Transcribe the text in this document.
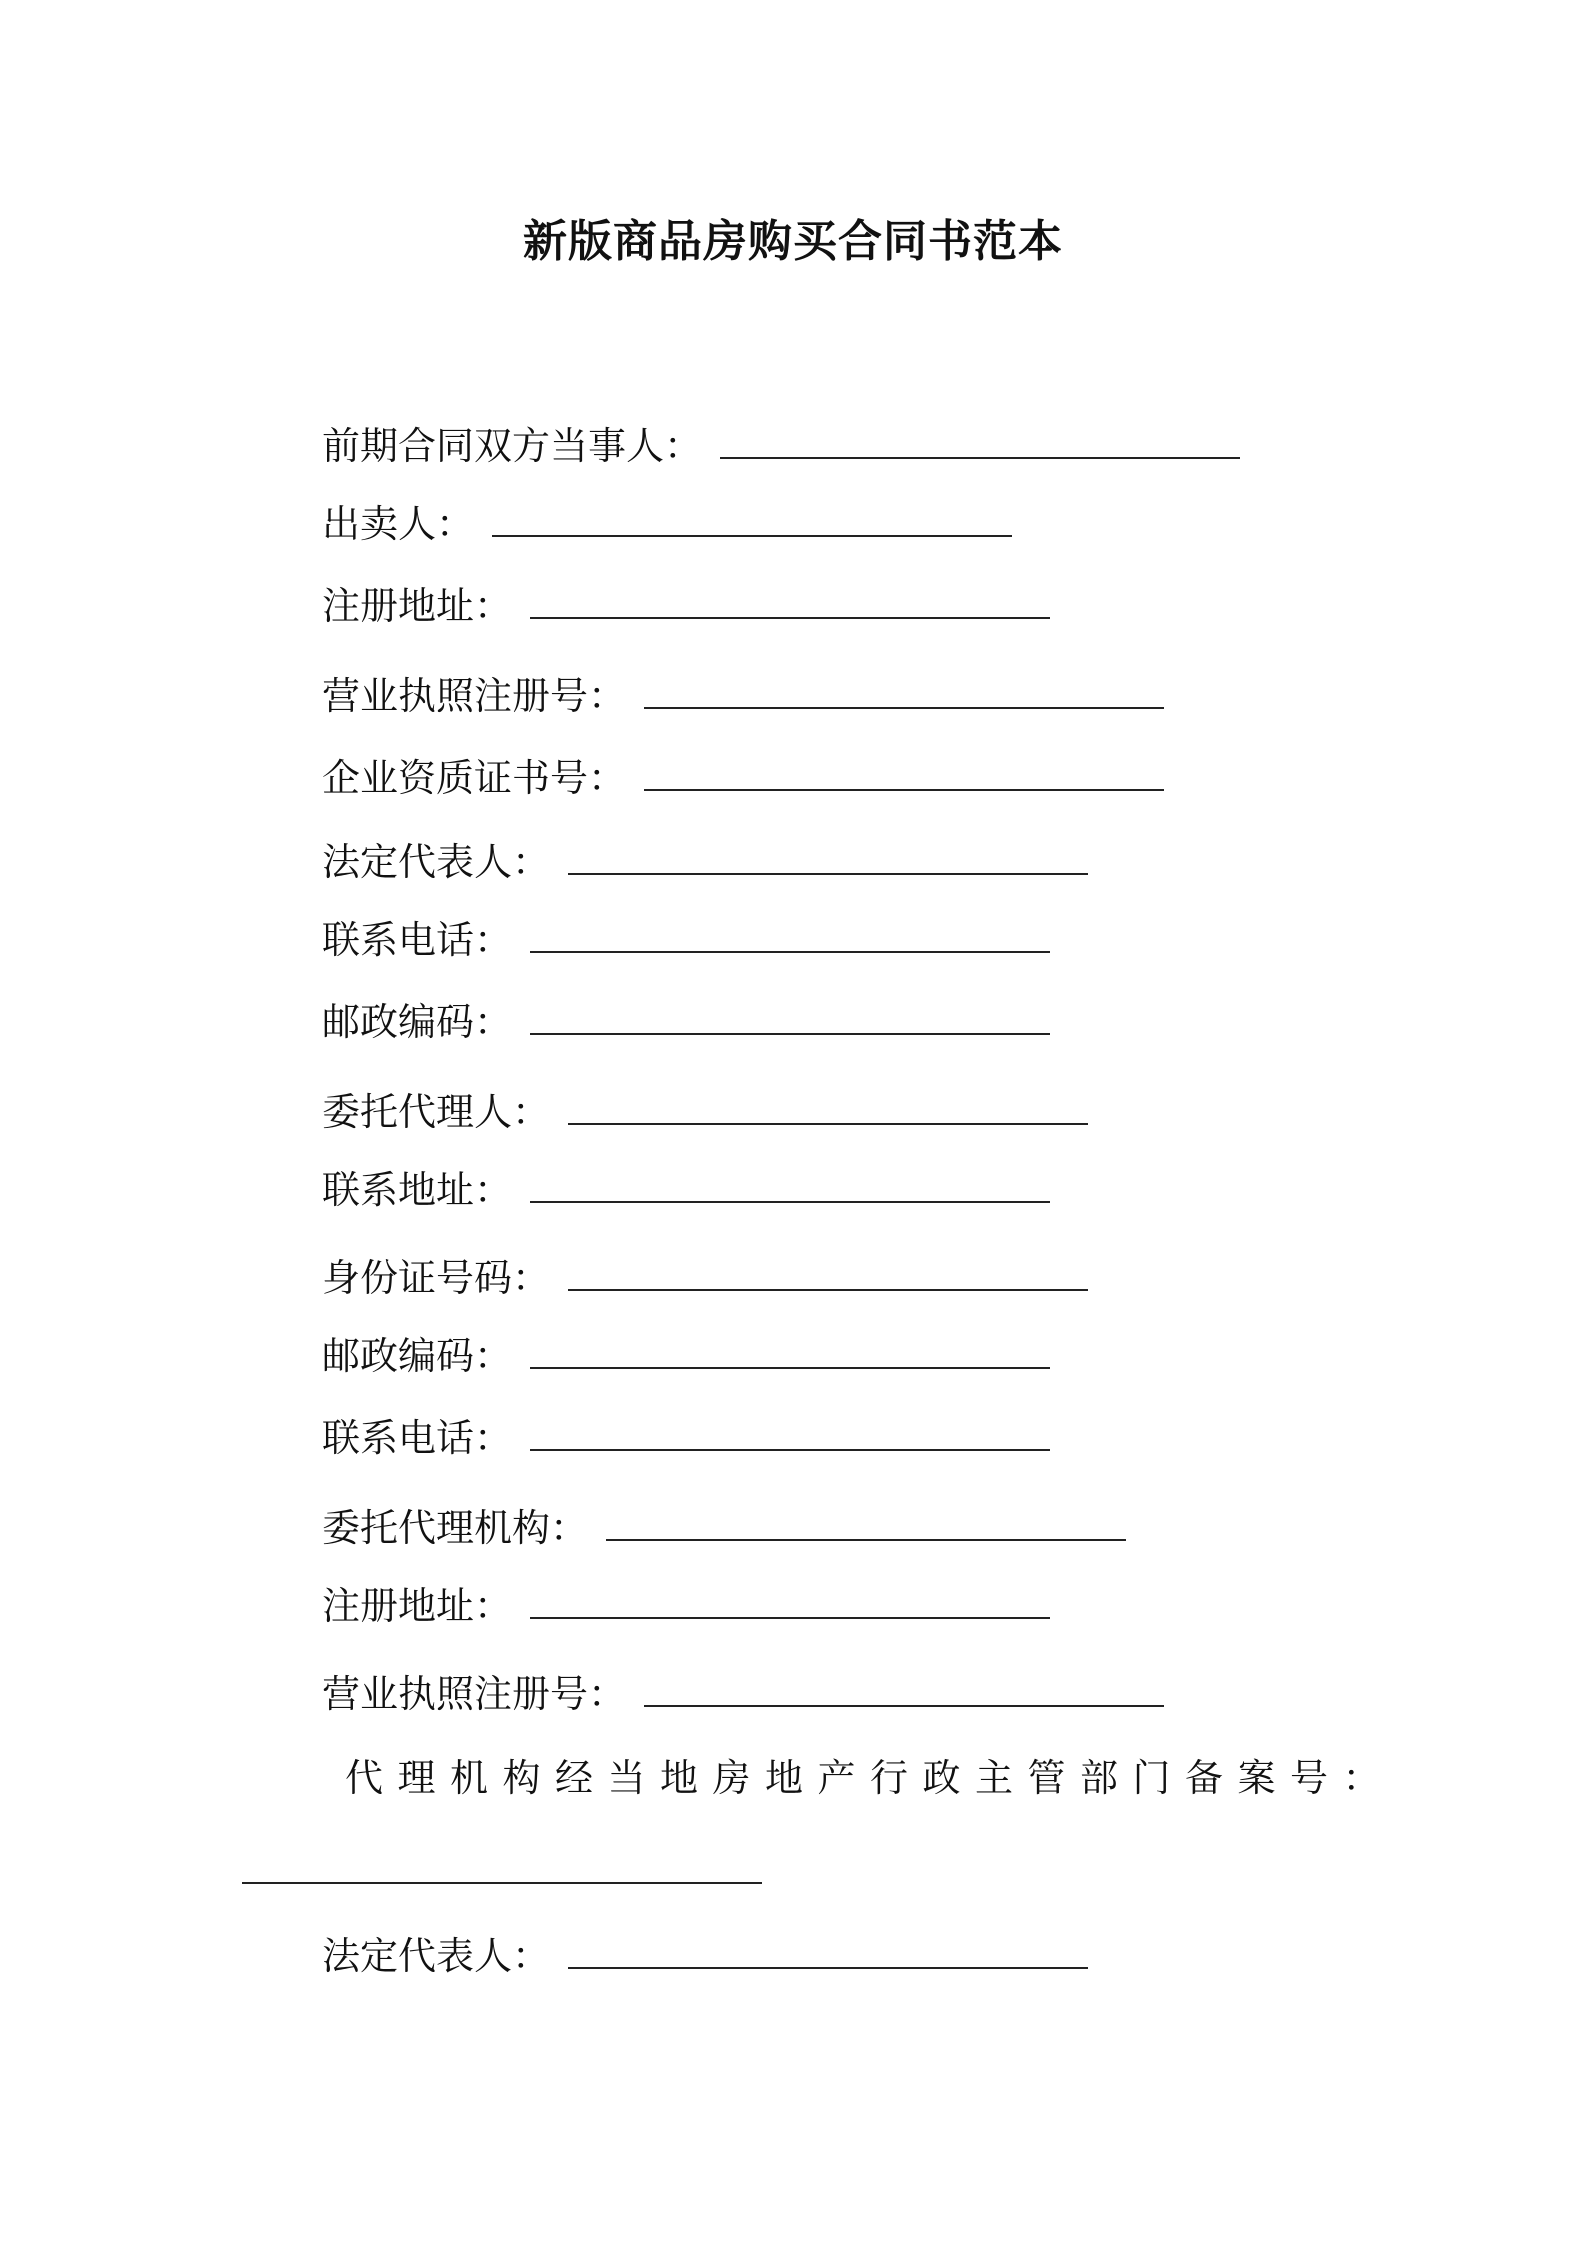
新版商品房购买合同书范本
前期合同双方当事人：
出卖人：
注册地址：
营业执照注册号：
企业资质证书号：
法定代表人：
联系电话：
邮政编码：
委托代理人：
联系地址：
身份证号码：
邮政编码：
联系电话：
委托代理机构：
注册地址：
营业执照注册号：
代理机构经当地房地产行政主管部门备案号：
法定代表人：
